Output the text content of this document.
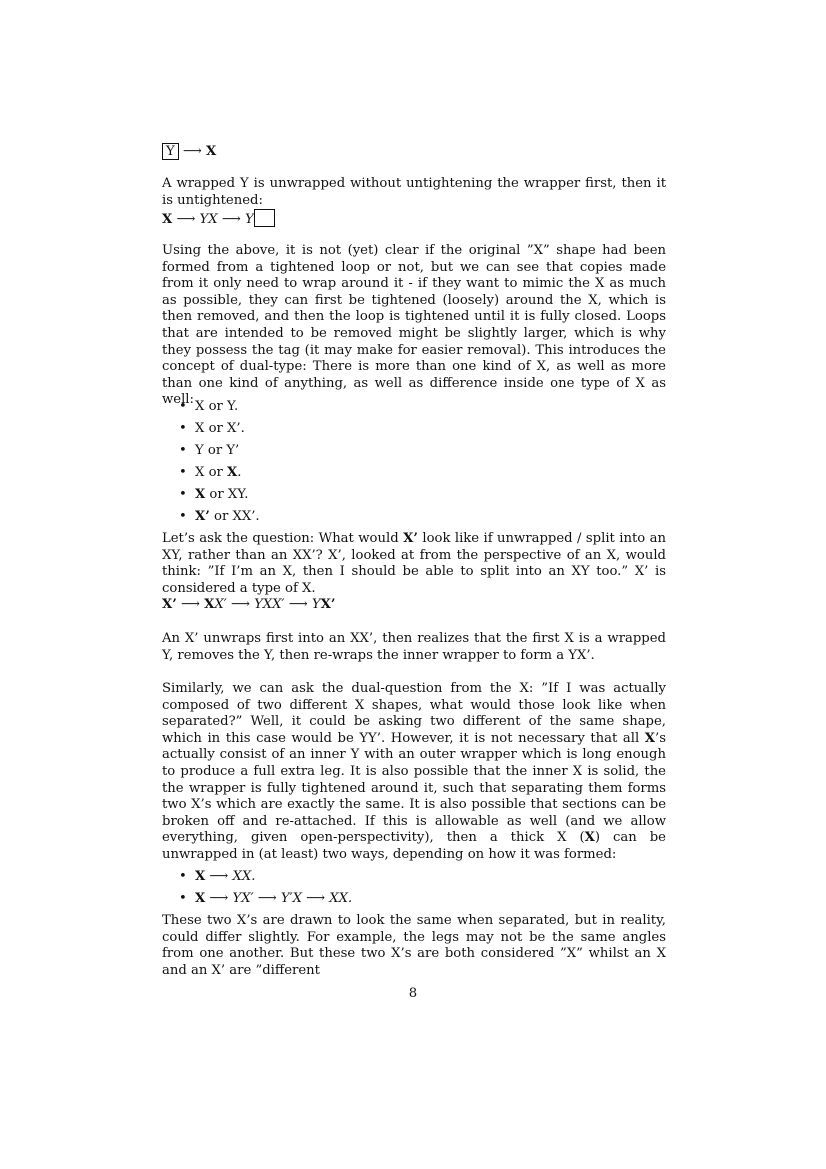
Y ⟶ X

A wrapped Y is unwrapped without untightening the wrapper first, then it is untightened:

X ⟶ YX ⟶ Y

Using the above, it is not (yet) clear if the original ”X” shape had been formed from a tightened loop or not, but we can see that copies made from it only need to wrap around it - if they want to mimic the X as much as possible, they can first be tightened (loosely) around the X, which is then removed, and then the loop is tightened until it is fully closed. Loops that are intended to be removed might be slightly larger, which is why they possess the tag (it may make for easier removal). This introduces the concept of dual-type: There is more than one kind of X, as well as more than one kind of anything, as well as difference inside one type of X as well:

• X or Y.
• X or X’.
• Y or Y’
• X or X.
• X or XY.
• X’ or XX’.

Let’s ask the question: What would X’ look like if unwrapped / split into an XY, rather than an XX’? X’, looked at from the perspective of an X, would think: ”If I’m an X, then I should be able to split into an XY too.” X’ is considered a type of X.

X’ ⟶ XX′ ⟶ YXX′ ⟶ YX’

An X’ unwraps first into an XX’, then realizes that the first X is a wrapped Y, removes the Y, then re-wraps the inner wrapper to form a YX’.

Similarly, we can ask the dual-question from the X: ”If I was actually composed of two different X shapes, what would those look like when separated?” Well, it could be asking two different of the same shape, which in this case would be YY’. However, it is not necessary that all X’s actually consist of an inner Y with an outer wrapper which is long enough to produce a full extra leg. It is also possible that the inner X is solid, the the wrapper is fully tightened around it, such that separating them forms two X’s which are exactly the same. It is also possible that sections can be broken off and re-attached. If this is allowable as well (and we allow everything, given open-perspectivity), then a thick X (X) can be unwrapped in (at least) two ways, depending on how it was formed:

• X ⟶ XX.
• X ⟶ YX′ ⟶ Y′X ⟶ XX.

These two X’s are drawn to look the same when separated, but in reality, could differ slightly. For example, the legs may not be the same angles from one another. But these two X’s are both considered ”X” whilst an X and an X’ are ”different

8
